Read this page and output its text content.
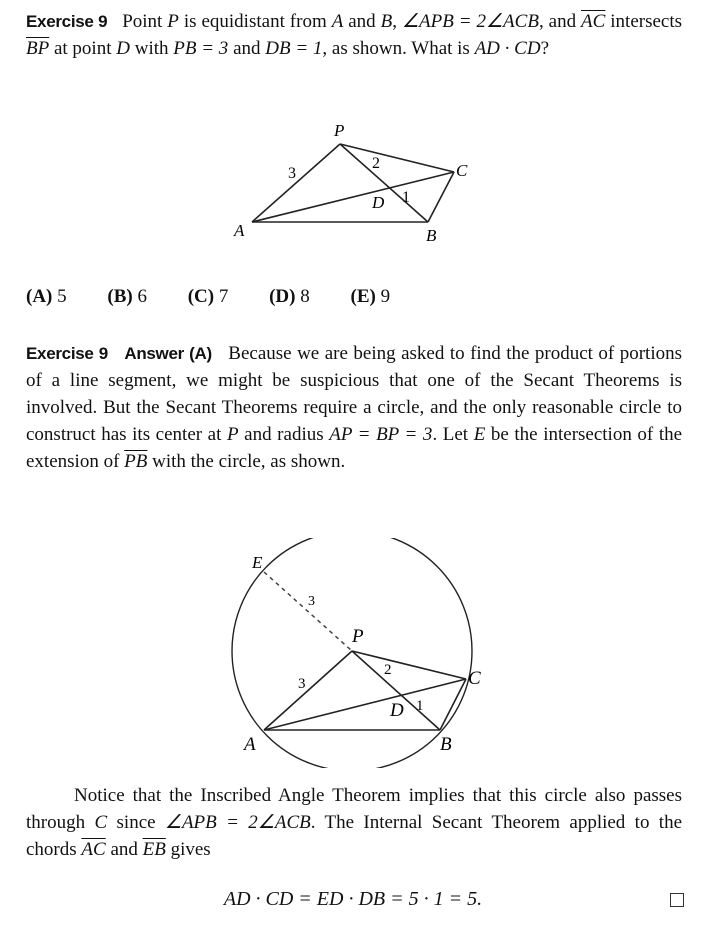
Exercise 9 Point P is equidistant from A and B, ∠APB = 2∠ACB, and $\overline{AC}$ intersects $\overline{BP}$ at point D with PB = 3 and DB = 1, as shown. What is AD · CD?
P
A	B
C
D
3
2
1
(A) 5 (B) 6 (C) 7 (D) 8 (E) 9
Exercise 9 Answer (A) Because we are being asked to find the product of portions of a line segment, we might be suspicious that one of the Secant Theorems is involved. But the Secant Theorems require a circle, and the only reasonable circle to construct has its center at P and radius AP = BP = 3. Let E be the intersection of the extension of $\overline{PB}$ with the circle, as shown.
E
P
A	B
C
D
3
3
2
1
Notice that the Inscribed Angle Theorem implies that this circle also passes through C since ∠APB = 2∠ACB. The Internal Secant Theorem applied to the chords $\overline{AC}$ and $\overline{EB}$ gives
AD · CD = ED · DB = 5 · 1 = 5.
